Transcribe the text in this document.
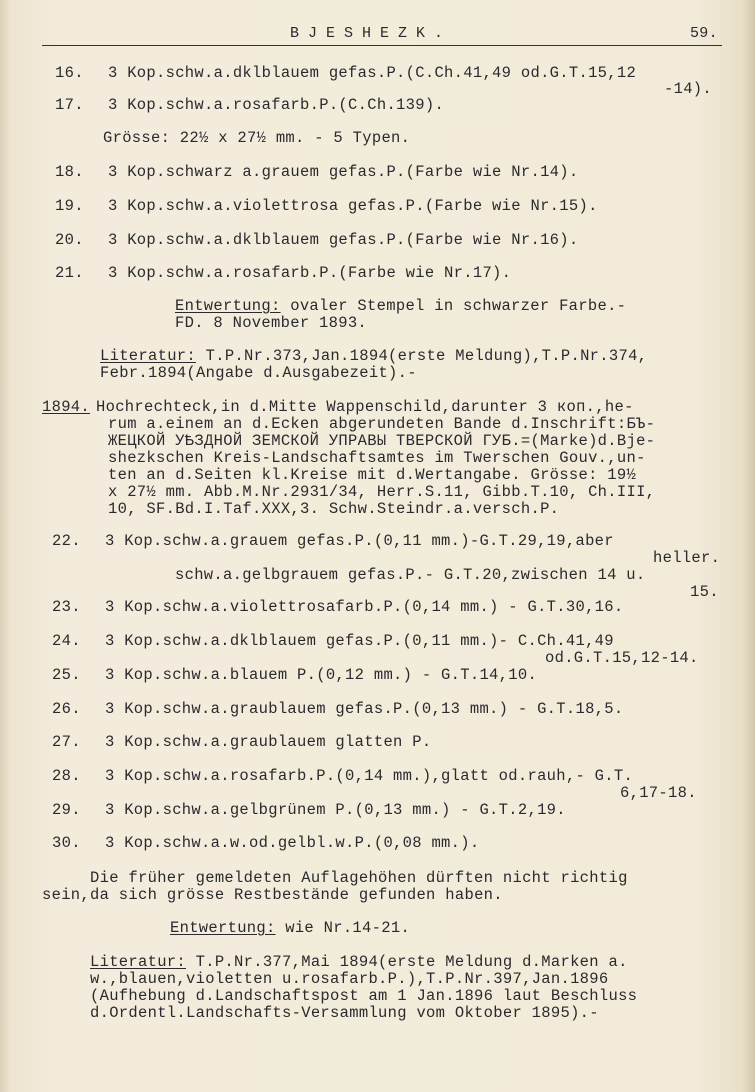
BJESHEZK.	59.
16. 3 Kop.schw.a.dklblauem gefas.P.(C.Ch.41,49 od.G.T.15,12
-14).
17. 3 Kop.schw.a.rosafarb.P.(C.Ch.139).
Grösse: 22½ x 27½ mm. - 5 Typen.
18. 3 Kop.schwarz a.grauem gefas.P.(Farbe wie Nr.14).
19. 3 Kop.schw.a.violettrosa gefas.P.(Farbe wie Nr.15).
20. 3 Kop.schw.a.dklblauem gefas.P.(Farbe wie Nr.16).
21. 3 Kop.schw.a.rosafarb.P.(Farbe wie Nr.17).
Entwertung: ovaler Stempel in schwarzer Farbe.-
FD. 8 November 1893.
Literatur: T.P.Nr.373,Jan.1894(erste Meldung),T.P.Nr.374,
Febr.1894(Angabe d.Ausgabezeit).-
1894. Hochrechteck,in d.Mitte Wappenschild,darunter 3 коп.,he-
rum a.einem an d.Ecken abgerundeten Bande d.Inschrift:БЪ-
ЖЕЦКОЙ УѢЗДНОЙ ЗЕМСКОЙ УПРАВЫ ТВЕРСКОЙ ГУБ.=(Marke)d.Bje-
shezkschen Kreis-Landschaftsamtes im Twerschen Gouv.,un-
ten an d.Seiten kl.Kreise mit d.Wertangabe. Grösse: 19½
x 27½ mm. Abb.M.Nr.2931/34, Herr.S.11, Gibb.T.10, Ch.III,
10, SF.Bd.I.Taf.XXX,3. Schw.Steindr.a.versch.P.
22. 3 Kop.schw.a.grauem gefas.P.(0,11 mm.)-G.T.29,19,aber
heller.
schw.a.gelbgrauem gefas.P.- G.T.20,zwischen 14 u.
15.
23. 3 Kop.schw.a.violettrosafarb.P.(0,14 mm.) - G.T.30,16.
24. 3 Kop.schw.a.dklblauem gefas.P.(0,11 mm.)- C.Ch.41,49
od.G.T.15,12-14.
25. 3 Kop.schw.a.blauem P.(0,12 mm.) - G.T.14,10.
26. 3 Kop.schw.a.graublauem gefas.P.(0,13 mm.) - G.T.18,5.
27. 3 Kop.schw.a.graublauem glatten P.
28. 3 Kop.schw.a.rosafarb.P.(0,14 mm.),glatt od.rauh,- G.T.
6,17-18.
29. 3 Kop.schw.a.gelbgrünem P.(0,13 mm.) - G.T.2,19.
30. 3 Kop.schw.a.w.od.gelbl.w.P.(0,08 mm.).
Die früher gemeldeten Auflagehöhen dürften nicht richtig
sein,da sich grösse Restbestände gefunden haben.
Entwertung: wie Nr.14-21.
Literatur: T.P.Nr.377,Mai 1894(erste Meldung d.Marken a.
w.,blauen,violetten u.rosafarb.P.),T.P.Nr.397,Jan.1896
(Aufhebung d.Landschaftspost am 1 Jan.1896 laut Beschluss
d.Ordentl.Landschafts-Versammlung vom Oktober 1895).-
